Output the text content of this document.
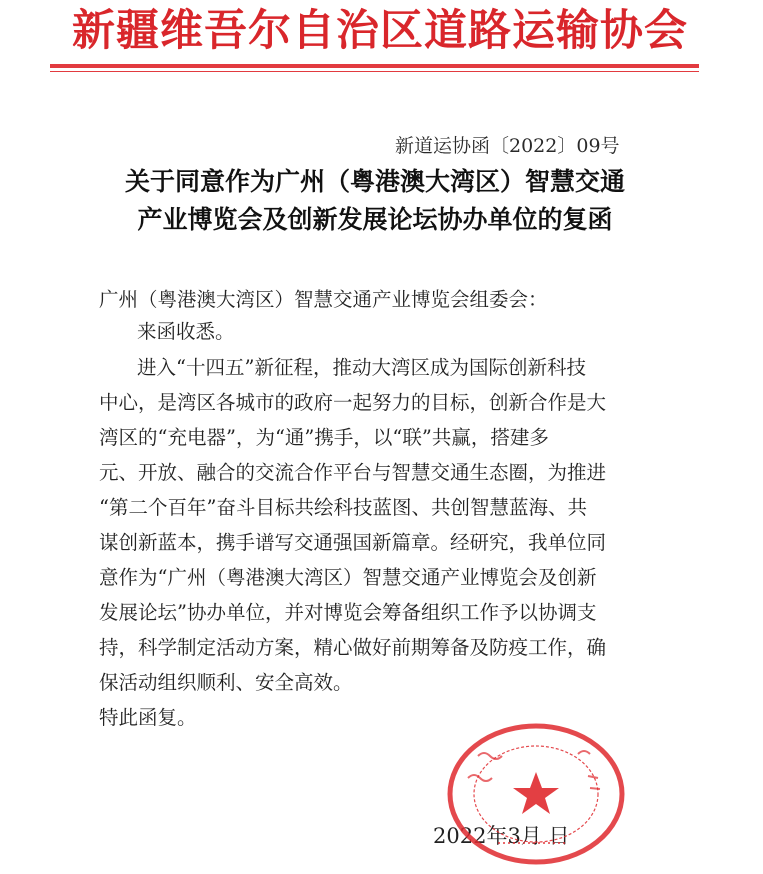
新疆维吾尔自治区道路运输协会
新道运协函〔2022〕09号
关于同意作为广州（粤港澳大湾区）智慧交通
产业博览会及创新发展论坛协办单位的复函
广州（粤港澳大湾区）智慧交通产业博览会组委会：
来函收悉。
进入“十四五”新征程，推动大湾区成为国际创新科技
中心，是湾区各城市的政府一起努力的目标，创新合作是大
湾区的“充电器”，为“通”携手，以“联”共赢，搭建多
元、开放、融合的交流合作平台与智慧交通生态圈，为推进
“第二个百年”奋斗目标共绘科技蓝图、共创智慧蓝海、共
谋创新蓝本，携手谱写交通强国新篇章。经研究，我单位同
意作为“广州（粤港澳大湾区）智慧交通产业博览会及创新
发展论坛”协办单位，并对博览会筹备组织工作予以协调支
持，科学制定活动方案，精心做好前期筹备及防疫工作，确
保活动组织顺利、安全高效。
特此函复。
2022年3月 日
